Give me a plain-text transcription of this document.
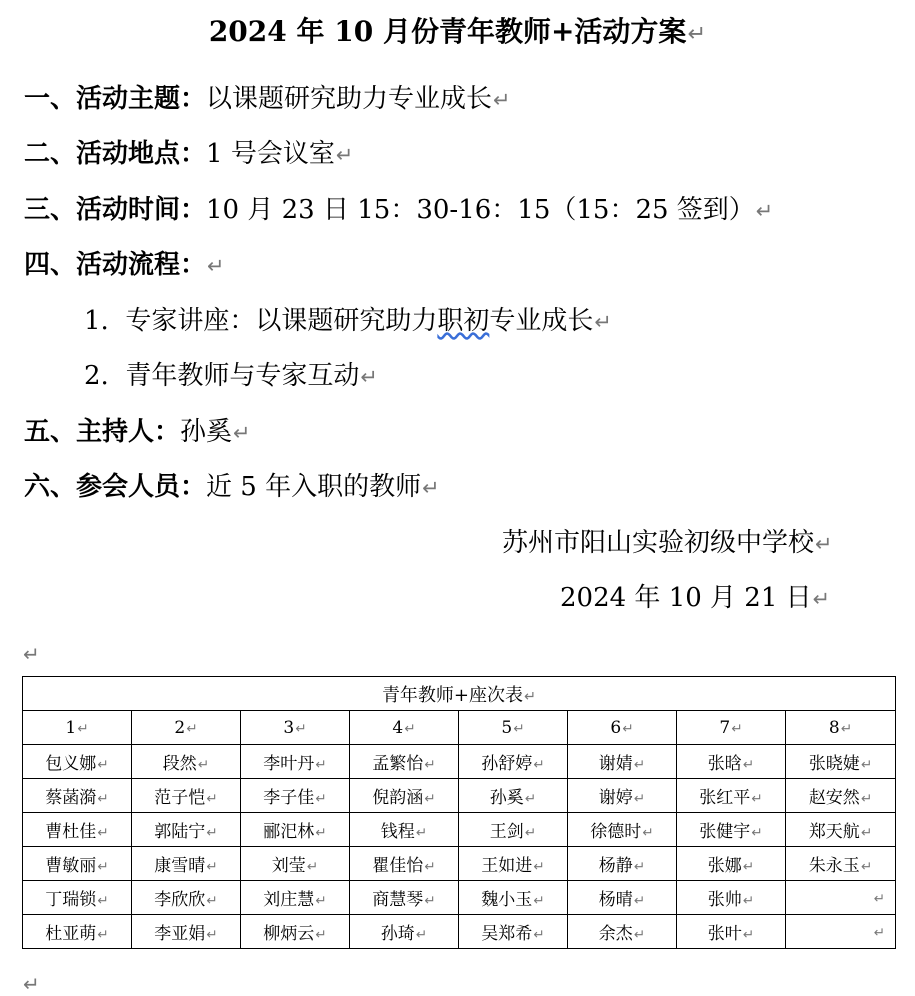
2024 年 10 月份青年教师+活动方案↵
一、活动主题：以课题研究助力专业成长↵
二、活动地点：1 号会议室↵
三、活动时间：10 月 23 日 15：30-16：15（15：25 签到）↵
四、活动流程：↵
1. 专家讲座：以课题研究助力职初专业成长↵
2. 青年教师与专家互动↵
五、主持人：孙奚↵
六、参会人员：近 5 年入职的教师↵
苏州市阳山实验初级中学校↵
2024 年 10 月 21 日↵
↵
青年教师+座次表↵							
1↵	2↵	3↵	4↵	5↵	6↵	7↵	8↵
包义娜↵	段然↵	李叶丹↵	孟繁怡↵	孙舒婷↵	谢婧↵	张晗↵	张晓婕↵
蔡菡漪↵	范子恺↵	李子佳↵	倪韵涵↵	孙奚↵	谢婷↵	张红平↵	赵安然↵
曹杜佳↵	郭陆宁↵	郦汜林↵	钱程↵	王剑↵	徐德时↵	张健宇↵	郑天航↵
曹敏丽↵	康雪晴↵	刘莹↵	瞿佳怡↵	王如进↵	杨静↵	张娜↵	朱永玉↵
丁瑞锁↵	李欣欣↵	刘庄慧↵	商慧琴↵	魏小玉↵	杨晴↵	张帅↵	↵
杜亚萌↵	李亚娟↵	柳炳云↵	孙琦↵	吴郑希↵	余杰↵	张叶↵	↵
↵
